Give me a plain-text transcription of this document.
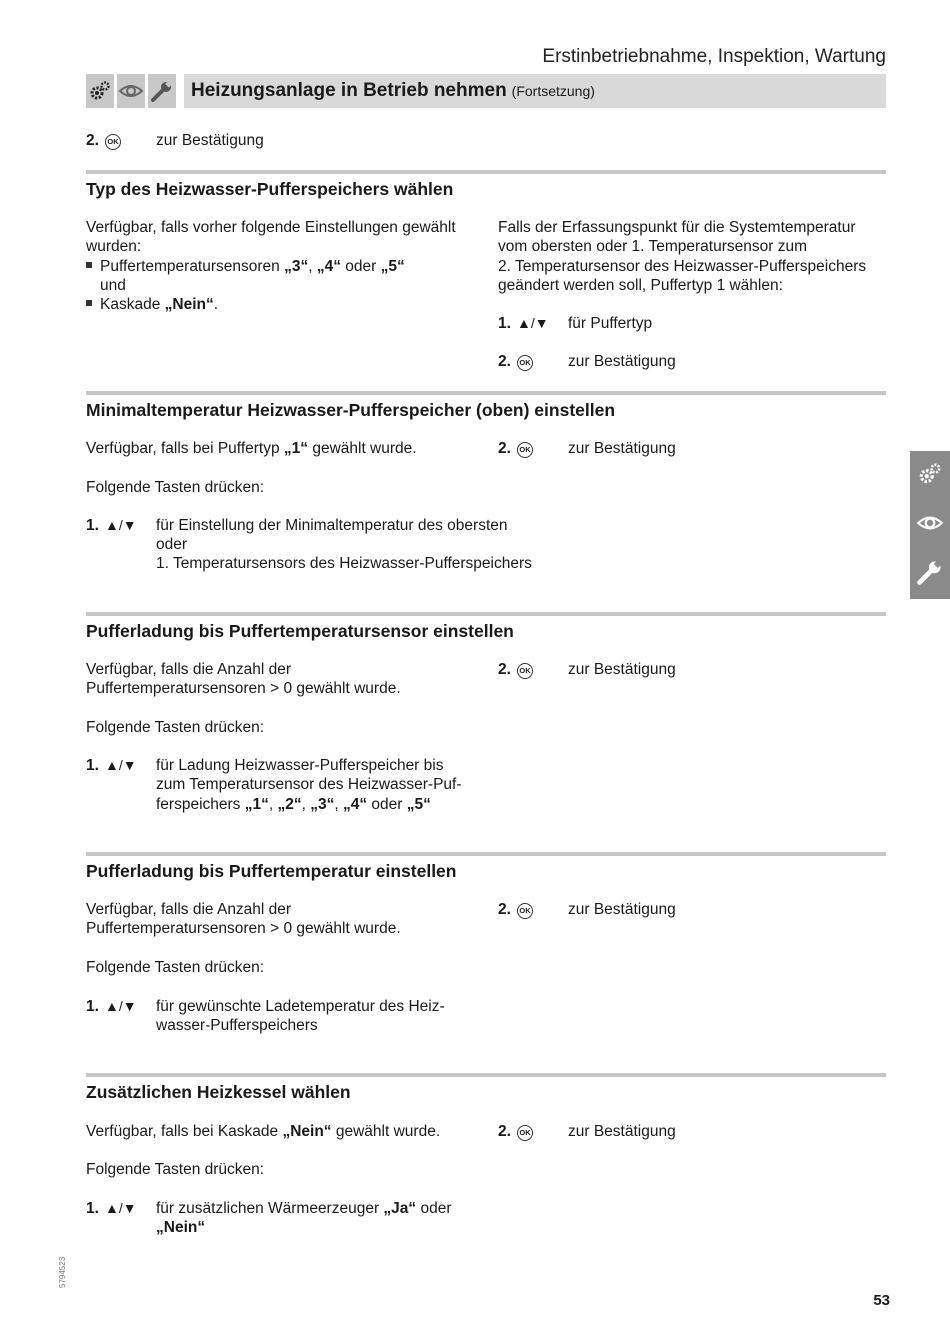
Erstinbetriebnahme, Inspektion, Wartung
Heizungsanlage in Betrieb nehmen (Fortsetzung)
2.	OK zur Bestätigung
Typ des Heizwasser-Pufferspeichers wählen
Verfügbar, falls vorher folgende Einstellungen gewählt
wurden:
Puffertemperatursensoren „3“, „4“ oder „5“
und
Kaskade „Nein“.
Falls der Erfassungspunkt für die Systemtemperatur
vom obersten oder 1. Temperatursensor zum
2. Temperatursensor des Heizwasser-Pufferspeichers
geändert werden soll, Puffertyp 1 wählen:
1. ▲/▼ für Puffertyp
2.	OK zur Bestätigung
Minimaltemperatur Heizwasser-Pufferspeicher (oben) einstellen
Verfügbar, falls bei Puffertyp „1“ gewählt wurde.
Folgende Tasten drücken:
1. ▲/▼ für Einstellung der Minimaltemperatur des obersten
oder
1. Temperatursensors des Heizwasser-Pufferspeichers
2.	OK zur Bestätigung
Pufferladung bis Puffertemperatursensor einstellen
Verfügbar, falls die Anzahl der
Puffertemperatursensoren > 0 gewählt wurde.
Folgende Tasten drücken:
1. ▲/▼ für Ladung Heizwasser-Pufferspeicher bis
zum Temperatursensor des Heizwasser-Puf-
ferspeichers „1“, „2“, „3“, „4“ oder „5“
2.	OK zur Bestätigung
Pufferladung bis Puffertemperatur einstellen
Verfügbar, falls die Anzahl der
Puffertemperatursensoren > 0 gewählt wurde.
Folgende Tasten drücken:
1. ▲/▼ für gewünschte Ladetemperatur des Heiz-
wasser-Pufferspeichers
2.	OK zur Bestätigung
Zusätzlichen Heizkessel wählen
Verfügbar, falls bei Kaskade „Nein“ gewählt wurde.
Folgende Tasten drücken:
1. ▲/▼ für zusätzlichen Wärmeerzeuger „Ja“ oder
„Nein“
2.	OK zur Bestätigung
5794523
53
